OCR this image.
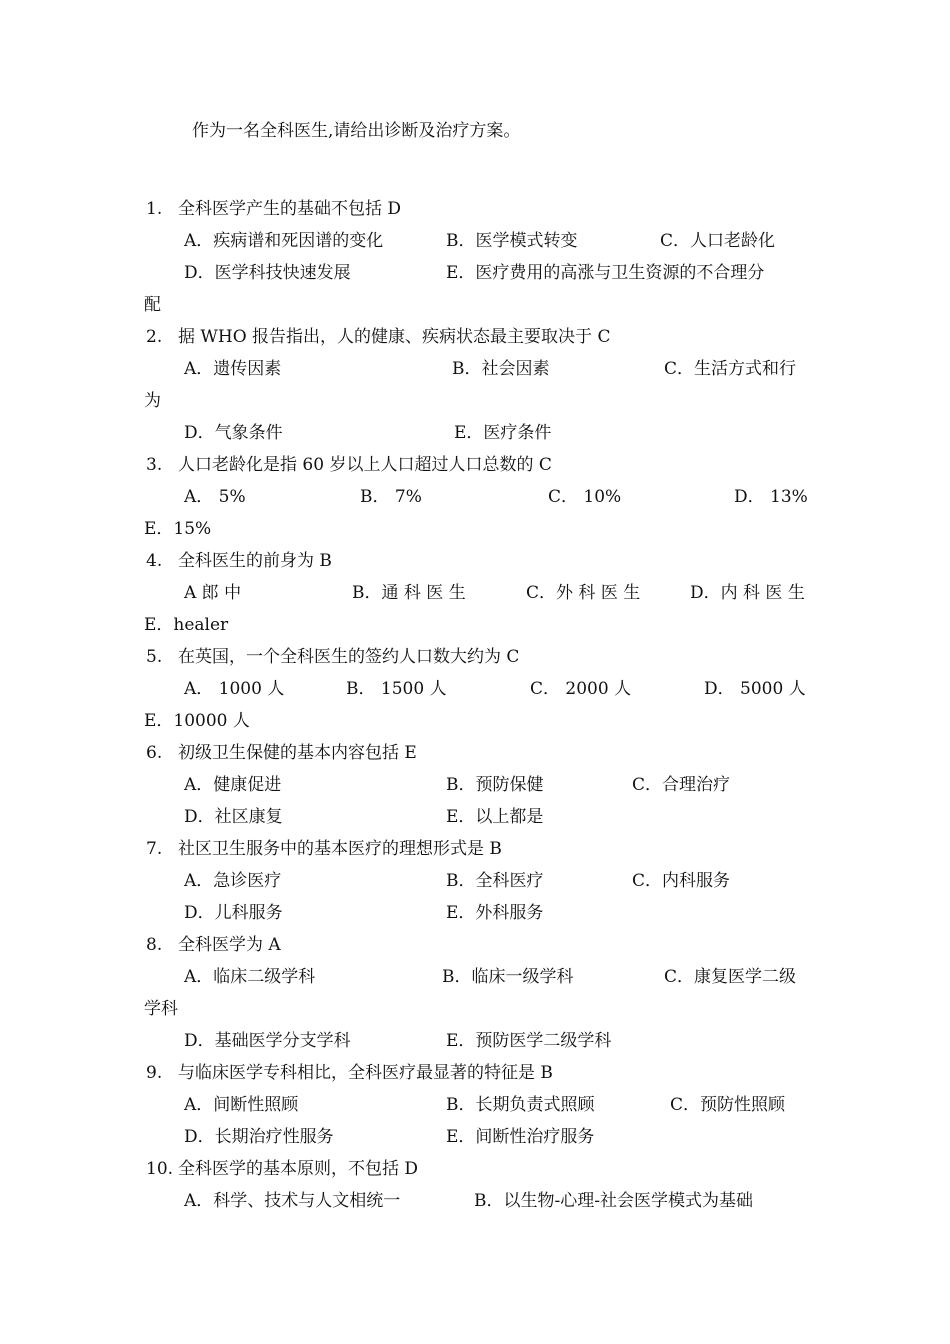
作为一名全科医生,请给出诊断及治疗方案。
1. 全科医学产生的基础不包括 D
A．疾病谱和死因谱的变化	B．医学模式转变	C．人口老龄化
D．医学科技快速发展	E．医疗费用的高涨与卫生资源的不合理分
配
2. 据 WHO 报告指出，人的健康、疾病状态最主要取决于 C
A．遗传因素	B．社会因素	C．生活方式和行
为
D．气象条件	E．医疗条件
3. 人口老龄化是指 60 岁以上人口超过人口总数的 C
A． 5%	B． 7%	C． 10%	D． 13%
E．15%
4. 全科医生的前身为 B
A 郎 中	B．通 科 医 生	C．外 科 医 生	D．内 科 医 生
E．healer
5. 在英国，一个全科医生的签约人口数大约为 C
A． 1000 人	B． 1500 人	C． 2000 人	D． 5000 人
E．10000 人
6. 初级卫生保健的基本内容包括 E
A．健康促进	B．预防保健	C．合理治疗
D．社区康复	E．以上都是
7. 社区卫生服务中的基本医疗的理想形式是 B
A．急诊医疗	B．全科医疗	C．内科服务
D．儿科服务	E．外科服务
8. 全科医学为 A
A．临床二级学科	B．临床一级学科	C．康复医学二级
学科
D．基础医学分支学科	E．预防医学二级学科
9. 与临床医学专科相比，全科医疗最显著的特征是 B
A．间断性照顾	B．长期负责式照顾	C．预防性照顾
D．长期治疗性服务	E．间断性治疗服务
10. 全科医学的基本原则，不包括 D
A．科学、技术与人文相统一	B．以生物-心理-社会医学模式为基础
